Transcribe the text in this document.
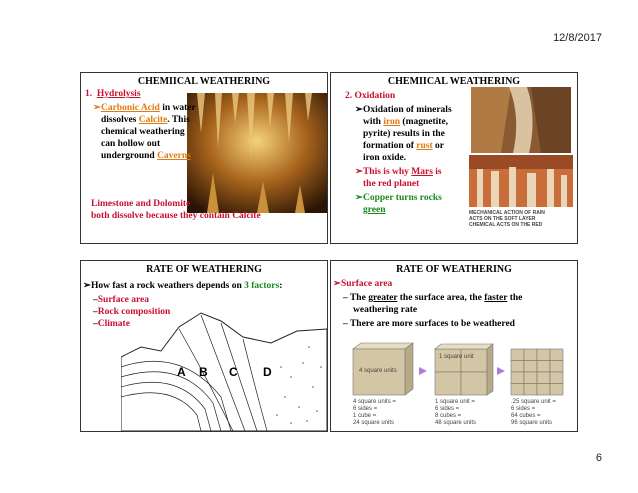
12/8/2017
CHEMIICAL WEATHERING
1. Hydrolysis
➢Carbonic Acid in water
dissolves Calcite. This
chemical weathering
can hollow out
underground Caverns
Limestone and Dolomite
both dissolve because they contain Calcite
CHEMIICAL WEATHERING
2. Oxidation
MECHANICAL ACTION OF RAIN
ACTS ON THE SOFT LAYER
CHEMICAL ACTS ON THE RED
➢Oxidation of minerals
with iron (magnetite,
pyrite) results in the
formation of rust or
iron oxide.
➢This is why Mars is
the red planet
➢Copper turns rocks
green
RATE OF WEATHERING
➢How fast a rock weathers depends on 3 factors:
–Surface area
–Rock composition
–Climate
A B C D
RATE OF WEATHERING
➢Surface area
– The greater the surface area, the faster the
weathering rate
– There are more surfaces to be weathered
4 square units
1 square unit
4 square units =
6 sides =
1 cube =
24 square units
1 square unit =
6 sides =
8 cubes =
48 square units
.25 square unit =
6 sides =
64 cubes =
96 square units
6
